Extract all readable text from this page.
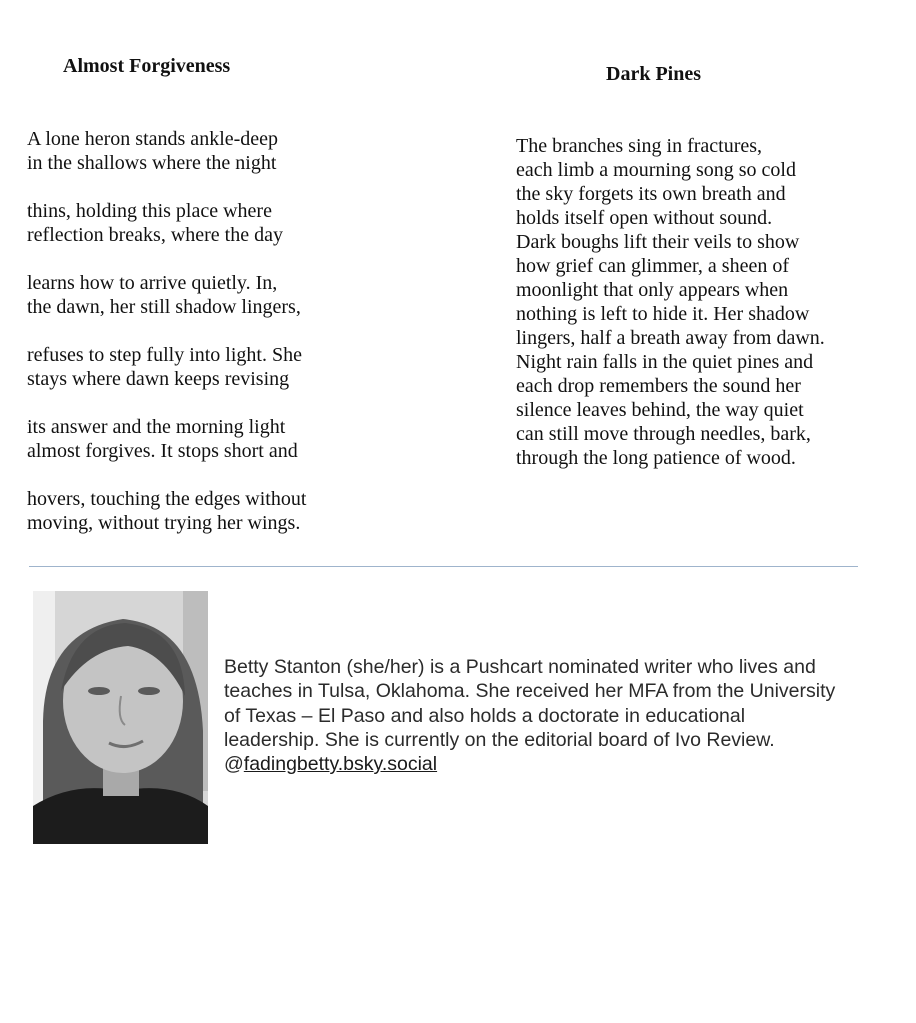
Almost Forgiveness	Dark Pines
A lone heron stands ankle-deep
in the shallows where the night
thins, holding this place where
reflection breaks, where the day
learns how to arrive quietly. In,
the dawn, her still shadow lingers,
refuses to step fully into light. She
stays where dawn keeps revising
its answer and the morning light
almost forgives. It stops short and
hovers, touching the edges without
moving, without trying her wings.
The branches sing in fractures,
each limb a mourning song so cold
the sky forgets its own breath and
holds itself open without sound.
Dark boughs lift their veils to show
how grief can glimmer, a sheen of
moonlight that only appears when
nothing is left to hide it. Her shadow
lingers, half a breath away from dawn.
Night rain falls in the quiet pines and
each drop remembers the sound her
silence leaves behind, the way quiet
can still move through needles, bark,
through the long patience of wood.
Betty Stanton (she/her) is a Pushcart nominated writer who lives and
teaches in Tulsa, Oklahoma. She received her MFA from the University
of Texas – El Paso and also holds a doctorate in educational
leadership. She is currently on the editorial board of Ivo Review.
@fadingbetty.bsky.social
